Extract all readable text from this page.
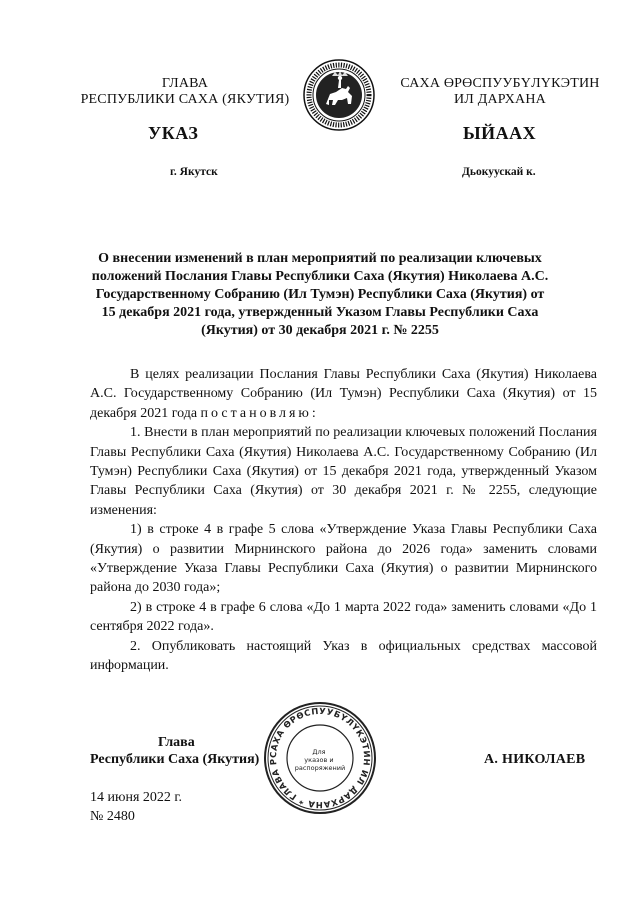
ГЛАВА
РЕСПУБЛИКИ САХА (ЯКУТИЯ)
САХА ӨРӨСПУУБҮЛҮКЭТИН
ИЛ ДАРХАНА
УКАЗ	ЫЙААХ
г. Якутск	Дьокуускай к.
О внесении изменений в план мероприятий по реализации ключевых положений Послания Главы Республики Саха (Якутия) Николаева А.С. Государственному Собранию (Ил Тумэн) Республики Саха (Якутия) от 15 декабря 2021 года, утвержденный Указом Главы Республики Саха (Якутия) от 30 декабря 2021 г. № 2255

В целях реализации Послания Главы Республики Саха (Якутия) Николаева А.С. Государственному Собранию (Ил Тумэн) Республики Саха (Якутия) от 15 декабря 2021 года постановляю:

1. Внести в план мероприятий по реализации ключевых положений Послания Главы Республики Саха (Якутия) Николаева А.С. Государственному Собранию (Ил Тумэн) Республики Саха (Якутия) от 15 декабря 2021 года, утвержденный Указом Главы Республики Саха (Якутия) от 30 декабря 2021 г. № 2255, следующие изменения:

1) в строке 4 в графе 5 слова «Утверждение Указа Главы Республики Саха (Якутия) о развитии Мирнинского района до 2026 года» заменить словами «Утверждение Указа Главы Республики Саха (Якутия) о развитии Мирнинского района до 2030 года»;

2) в строке 4 в графе 6 слова «До 1 марта 2022 года» заменить словами «До 1 сентября 2022 года».

2. Опубликовать настоящий Указ в официальных средствах массовой информации.

САХА ӨРӨСПУУБҮЛҮКЭТИН ИЛ ДАРХАНА * ГЛАВА Р
Для указов и распоряжений
Глава
Республики Саха (Якутия)	А. НИКОЛАЕВ
14 июня 2022 г.
№ 2480
